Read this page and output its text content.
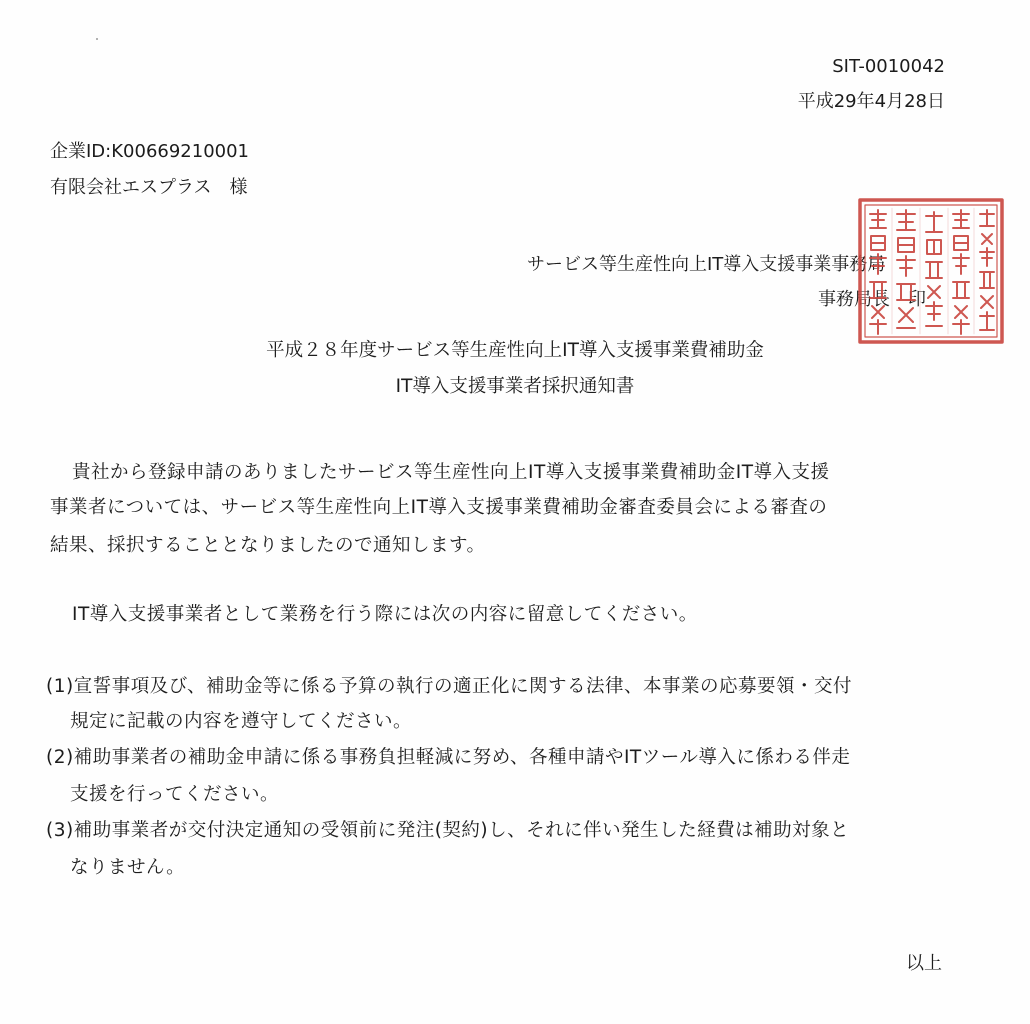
SIT-0010042
平成29年4月28日
企業ID:K00669210001
有限会社エスプラス　様
サービス等生産性向上IT導入支援事業事務局
事務局長　印
平成２８年度サービス等生産性向上IT導入支援事業費補助金
IT導入支援事業者採択通知書
貴社から登録申請のありましたサービス等生産性向上IT導入支援事業費補助金IT導入支援
事業者については、サービス等生産性向上IT導入支援事業費補助金審査委員会による審査の
結果、採択することとなりましたので通知します。
IT導入支援事業者として業務を行う際には次の内容に留意してください。
(1)宣誓事項及び、補助金等に係る予算の執行の適正化に関する法律、本事業の応募要領・交付
規定に記載の内容を遵守してください。
(2)補助事業者の補助金申請に係る事務負担軽減に努め、各種申請やITツール導入に係わる伴走
支援を行ってください。
(3)補助事業者が交付決定通知の受領前に発注(契約)し、それに伴い発生した経費は補助対象と
なりません。
以上
